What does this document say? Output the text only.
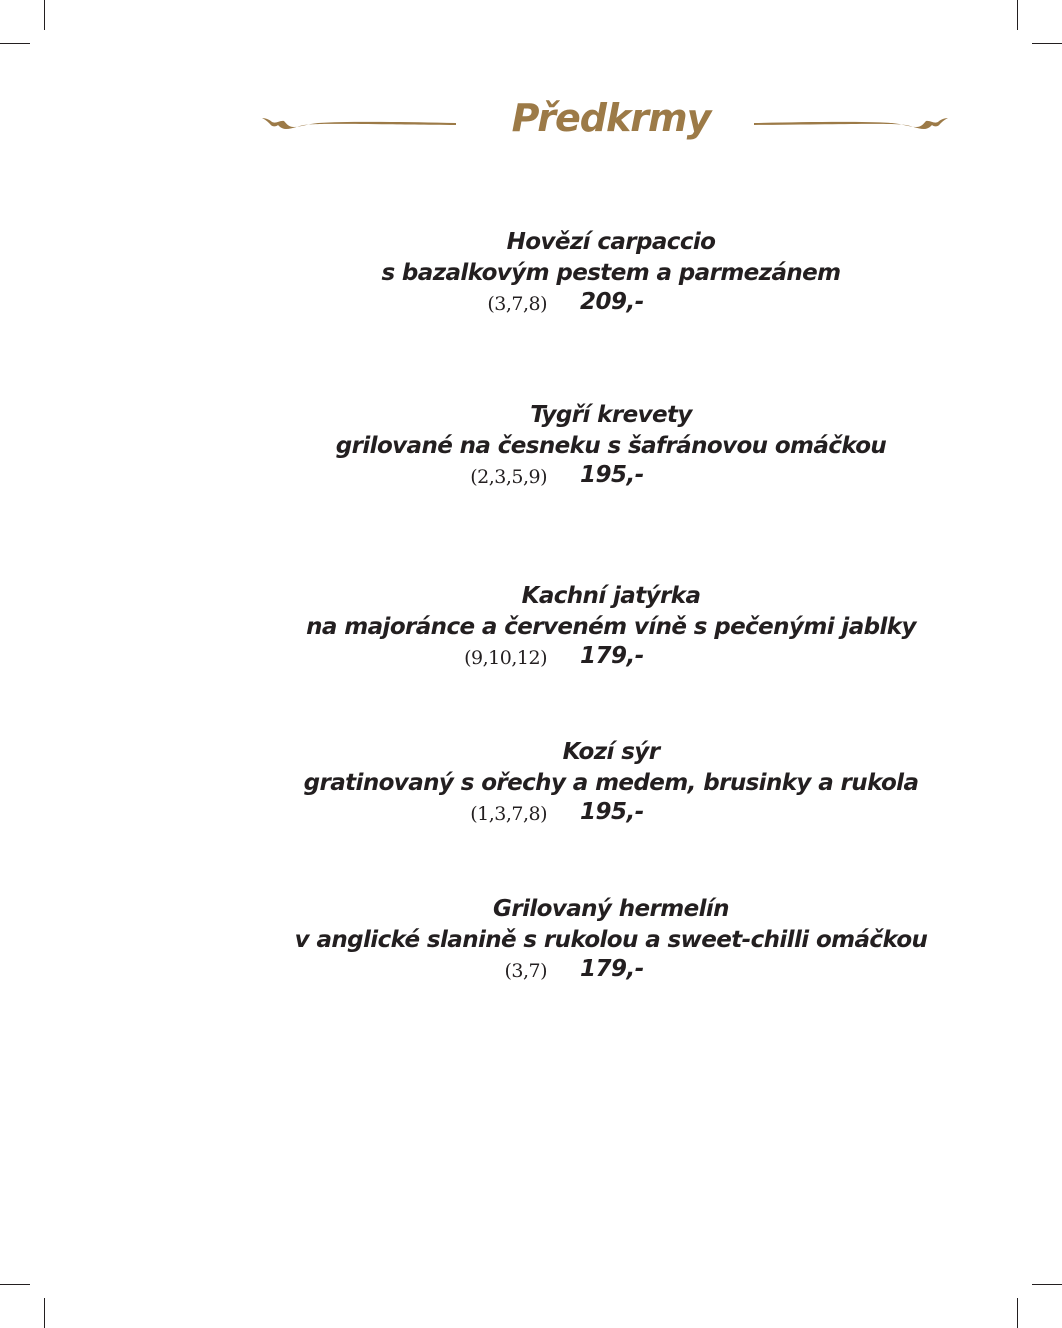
Předkrmy
Hovězí carpaccio
s bazalkovým pestem a parmezánem
(3,7,8) 209,-
Tygří krevety
grilované na česneku s šafránovou omáčkou
(2,3,5,9) 195,-
Kachní jatýrka
na majoránce a červeném víně s pečenými jablky
(9,10,12) 179,-
Kozí sýr
gratinovaný s ořechy a medem, brusinky a rukola
(1,3,7,8) 195,-
Grilovaný hermelín
v anglické slanině s rukolou a sweet-chilli omáčkou
(3,7) 179,-
